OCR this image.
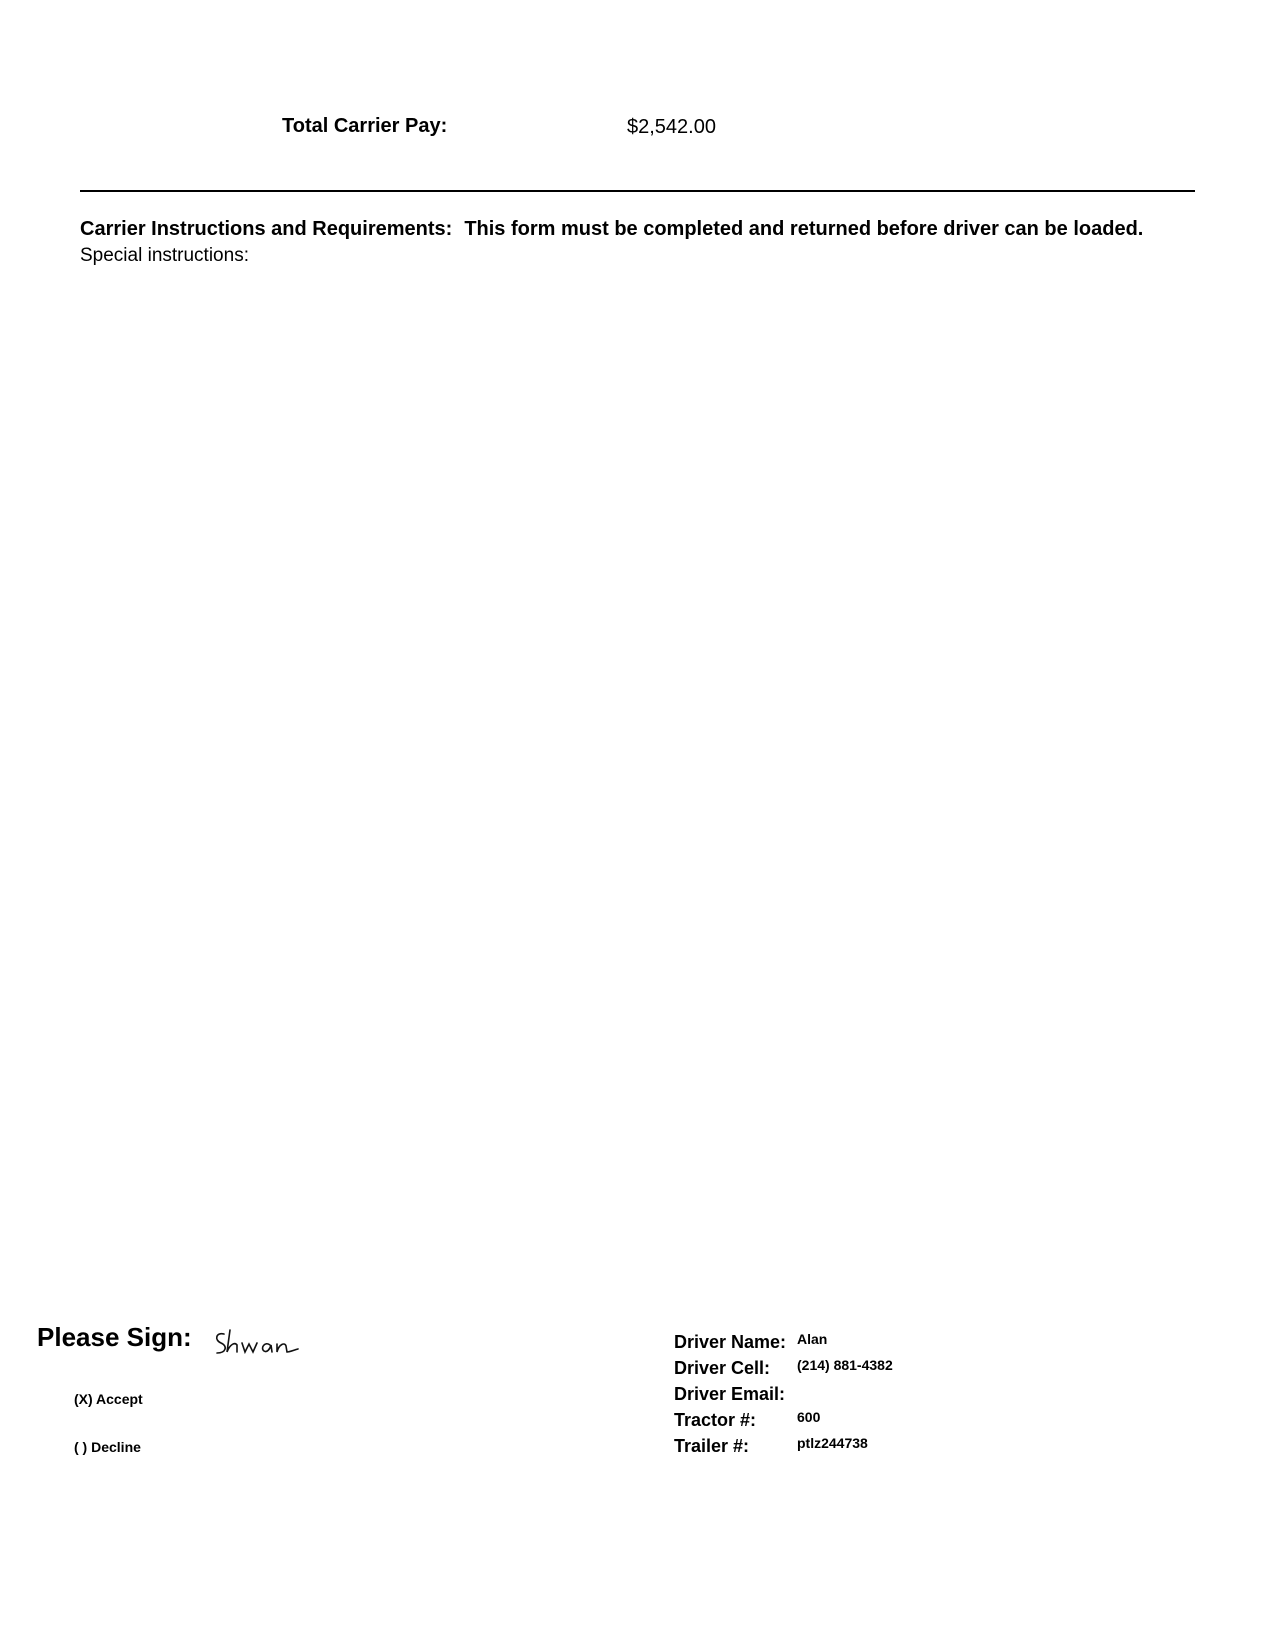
Total Carrier Pay:	$2,542.00
Carrier Instructions and Requirements: This form must be completed and returned before driver can be loaded.
Special instructions:
Please Sign:
(X) Accept
( ) Decline
Driver Name: Alan
Driver Cell: (214) 881-4382
Driver Email:
Tractor #:	600
Trailer #:	ptlz244738
